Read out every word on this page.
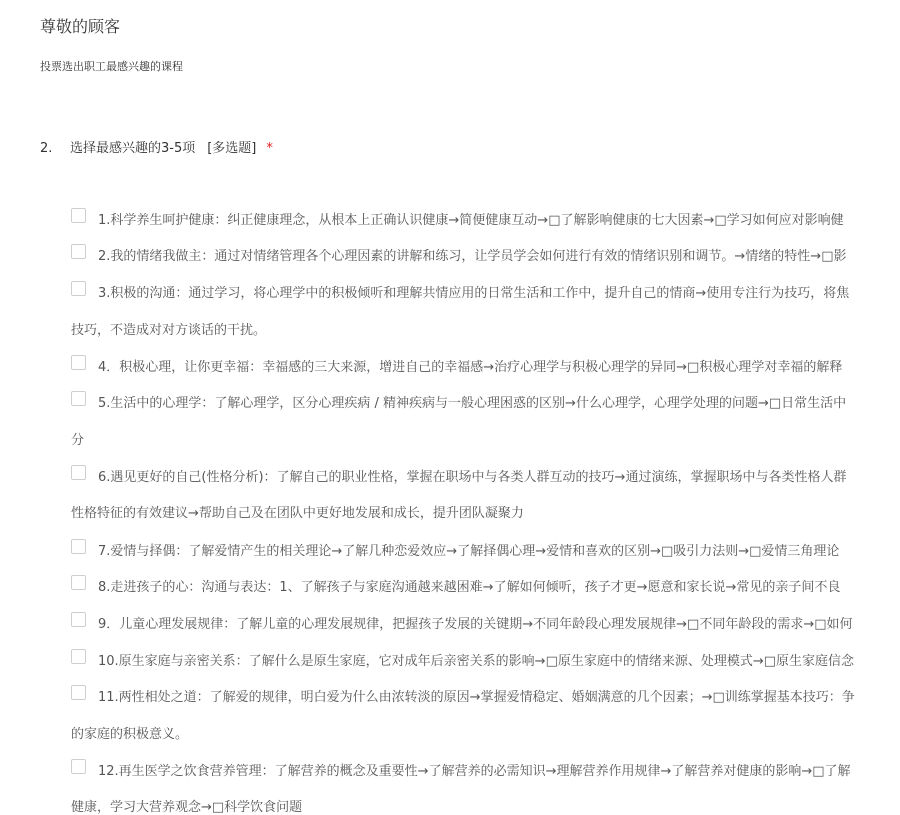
尊敬的顾客
投票选出职工最感兴趣的课程
2. 选择最感兴趣的3-5项 [多选题] *
1.科学养生呵护健康：纠正健康理念，从根本上正确认识健康→简便健康互动→□了解影响健康的七大因素→□学习如何应对影响健
2.我的情绪我做主：通过对情绪管理各个心理因素的讲解和练习，让学员学会如何进行有效的情绪识别和调节。→情绪的特性→□影
3.积极的沟通：通过学习，将心理学中的积极倾听和理解共情应用的日常生活和工作中，提升自己的情商→使用专注行为技巧，将焦
技巧，不造成对对方谈话的干扰。
4．积极心理，让你更幸福：幸福感的三大来源，增进自己的幸福感→治疗心理学与积极心理学的异同→□积极心理学对幸福的解释
5.生活中的心理学：了解心理学，区分心理疾病 / 精神疾病与一般心理困惑的区别→什么心理学，心理学处理的问题→□日常生活中
分
6.遇见更好的自己(性格分析)：了解自己的职业性格，掌握在职场中与各类人群互动的技巧→通过演练，掌握职场中与各类性格人群
性格特征的有效建议→帮助自己及在团队中更好地发展和成长，提升团队凝聚力
7.爱情与择偶：了解爱情产生的相关理论→了解几种恋爱效应→了解择偶心理→爱情和喜欢的区别→□吸引力法则→□爱情三角理论
8.走进孩子的心：沟通与表达：1、了解孩子与家庭沟通越来越困难→了解如何倾听，孩子才更→愿意和家长说→常见的亲子间不良
9．儿童心理发展规律：了解儿童的心理发展规律，把握孩子发展的关键期→不同年龄段心理发展规律→□不同年龄段的需求→□如何
10.原生家庭与亲密关系：了解什么是原生家庭，它对成年后亲密关系的影响→□原生家庭中的情绪来源、处理模式→□原生家庭信念
11.两性相处之道：了解爱的规律，明白爱为什么由浓转淡的原因→掌握爱情稳定、婚姻满意的几个因素；→□训练掌握基本技巧：争
的家庭的积极意义。
12.再生医学之饮食营养管理：了解营养的概念及重要性→了解营养的必需知识→理解营养作用规律→了解营养对健康的影响→□了解
健康，学习大营养观念→□科学饮食问题
